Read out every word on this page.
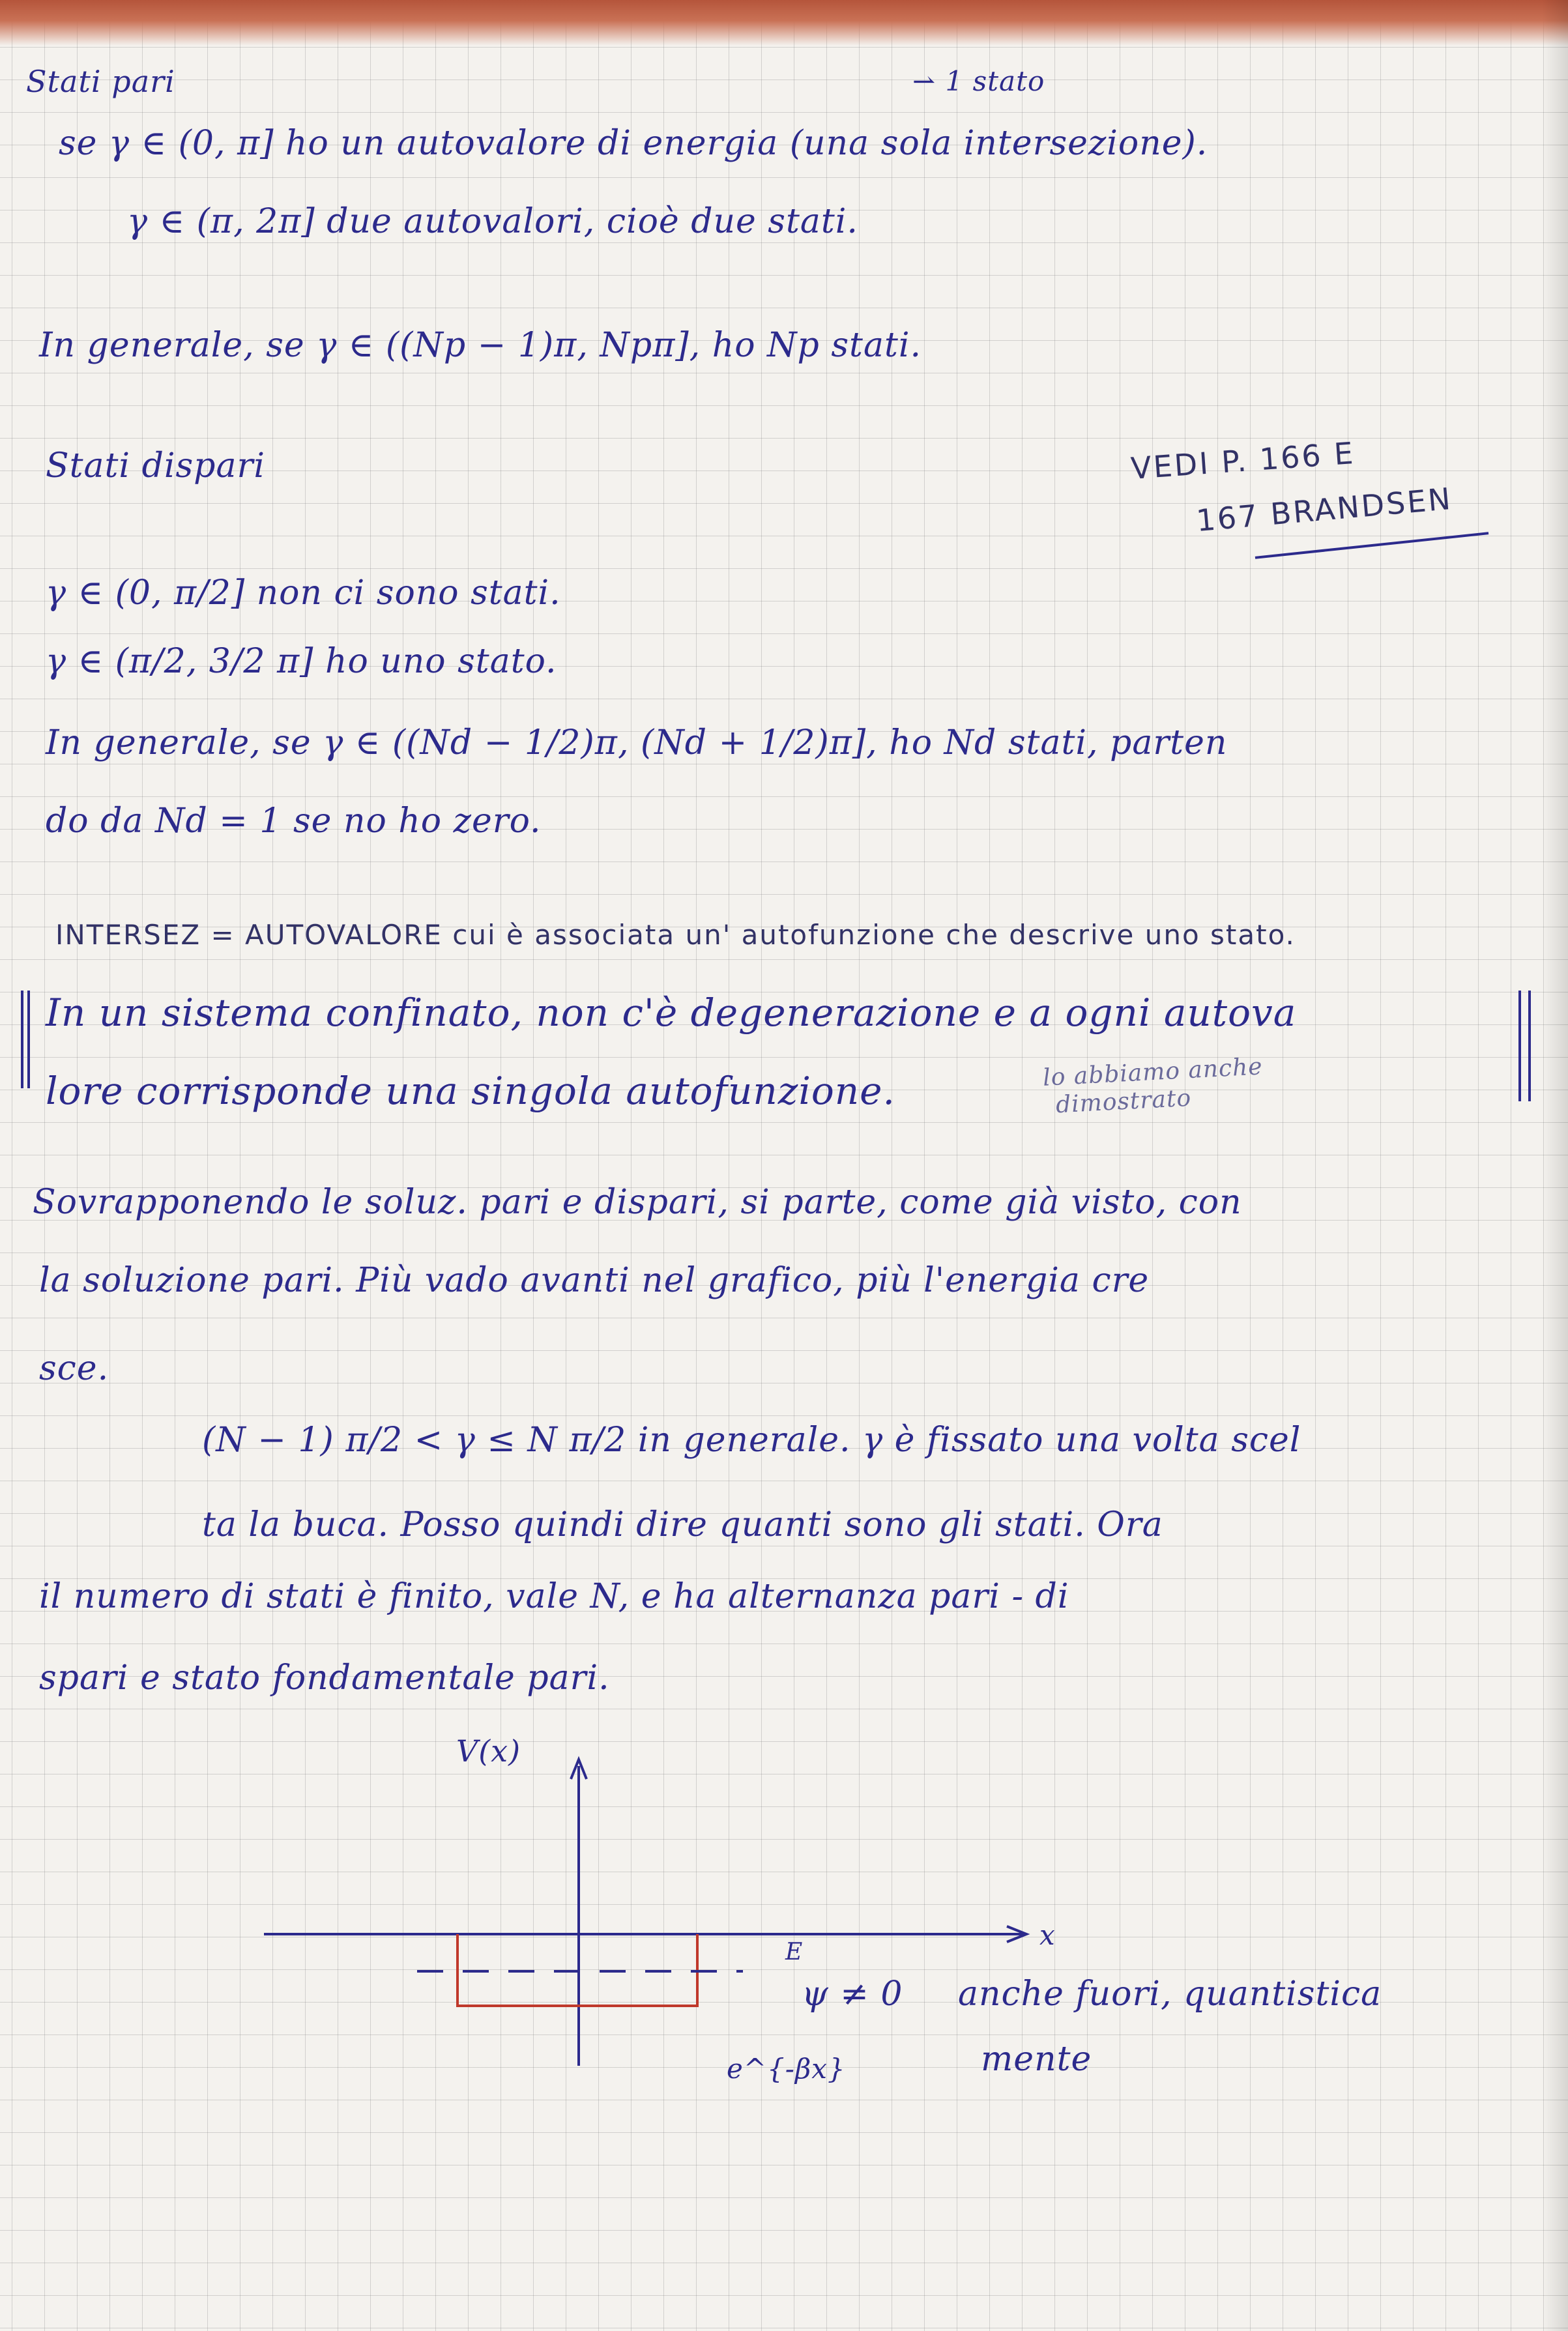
Stati pari	⇀ 1 stato
se γ ∈ (0, π] ho un autovalore di energia (una sola intersezione).
γ ∈ (π, 2π] due autovalori, cioè due stati.
In generale, se γ ∈ ((Np − 1)π, Npπ], ho Np stati.
VEDI P. 166 E
167 BRANDSEN
Stati dispari
γ ∈ (0, π/2] non ci sono stati.
γ ∈ (π/2, 3/2 π] ho uno stato.
In generale, se γ ∈ ((Nd − 1/2)π, (Nd + 1/2)π], ho Nd stati, parten
do da Nd = 1 se no ho zero.
INTERSEZ = AUTOVALORE cui è associata un' autofunzione che descrive uno stato.
In un sistema confinato, non c'è degenerazione e a ogni autova
lore corrisponde una singola autofunzione.	lo abbiamo anche
dimostrato
Sovrapponendo le soluz. pari e dispari, si parte, come già visto, con
la soluzione pari. Più vado avanti nel grafico, più l'energia cre
sce.
(N − 1) π/2 < γ ≤ N π/2 in generale. γ è fissato una volta scel
ta la buca. Posso quindi dire quanti sono gli stati. Ora
il numero di stati è finito, vale N, e ha alternanza pari - di
spari e stato fondamentale pari.
V(x)
x
E
ψ ≠ 0 anche fuori, quantistica
mente
e^{-βx}
